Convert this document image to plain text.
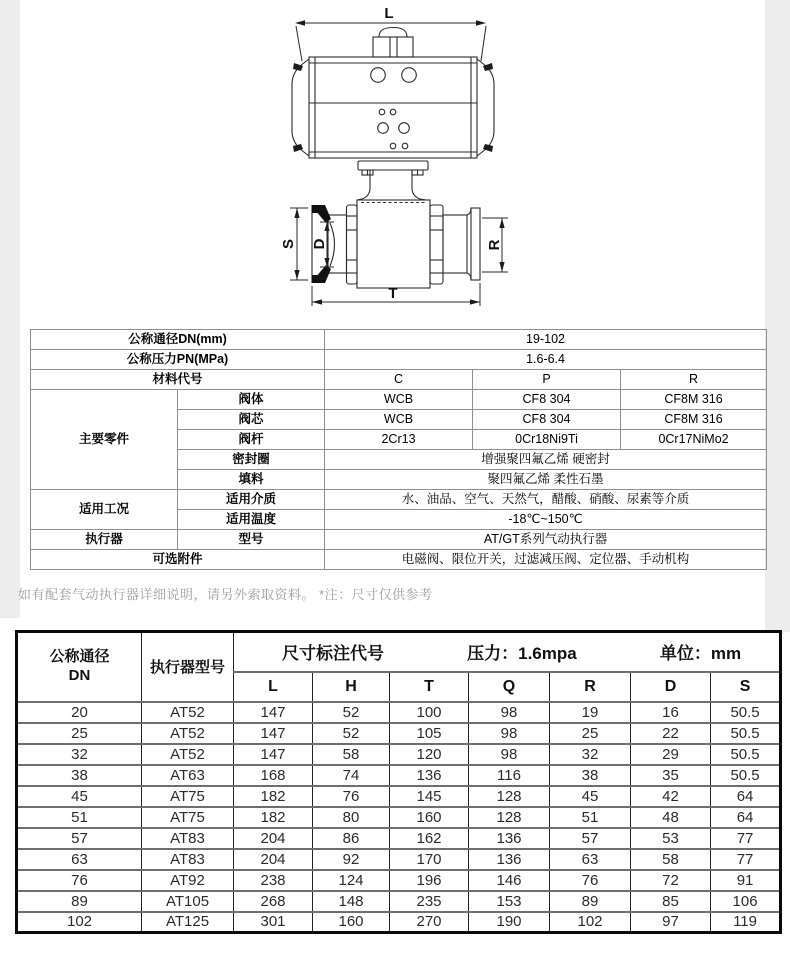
L
S D	R
T
公称通径DN(mm)		19-102		
公称压力PN(MPa)		1.6-6.4		
材料代号		C	P	R
主要零件	阀体	WCB	CF8 304	CF8M 316
	阀芯	WCB	CF8 304	CF8M 316
	阀杆	2Cr13	0Cr18Ni9Ti	0Cr17NiMo2
	密封圈	增强聚四氟乙烯 硬密封		
	填料	聚四氟乙烯 柔性石墨		
适用工况	适用介质	水、油品、空气、天然气，醋酸、硝酸、尿素等介质		
	适用温度	-18℃~150℃		
执行器	型号	AT/GT系列气动执行器		
可选附件		电磁阀、限位开关，过滤减压阀、定位器、手动机构		
如有配套气动执行器详细说明，请另外索取资料。 *注：尺寸仅供参考
公称通径
DN	执行器型号	
尺寸标注代号	压力：1.6mpa	单位：mm

		L	H	T	Q	R	D	S
20	AT52	147	52	100	98	19	16	50.5
25	AT52	147	52	105	98	25	22	50.5
32	AT52	147	58	120	98	32	29	50.5
38	AT63	168	74	136	116	38	35	50.5
45	AT75	182	76	145	128	45	42	64
51	AT75	182	80	160	128	51	48	64
57	AT83	204	86	162	136	57	53	77
63	AT83	204	92	170	136	63	58	77
76	AT92	238	124	196	146	76	72	91
89	AT105	268	148	235	153	89	85	106
102	AT125	301	160	270	190	102	97	119
